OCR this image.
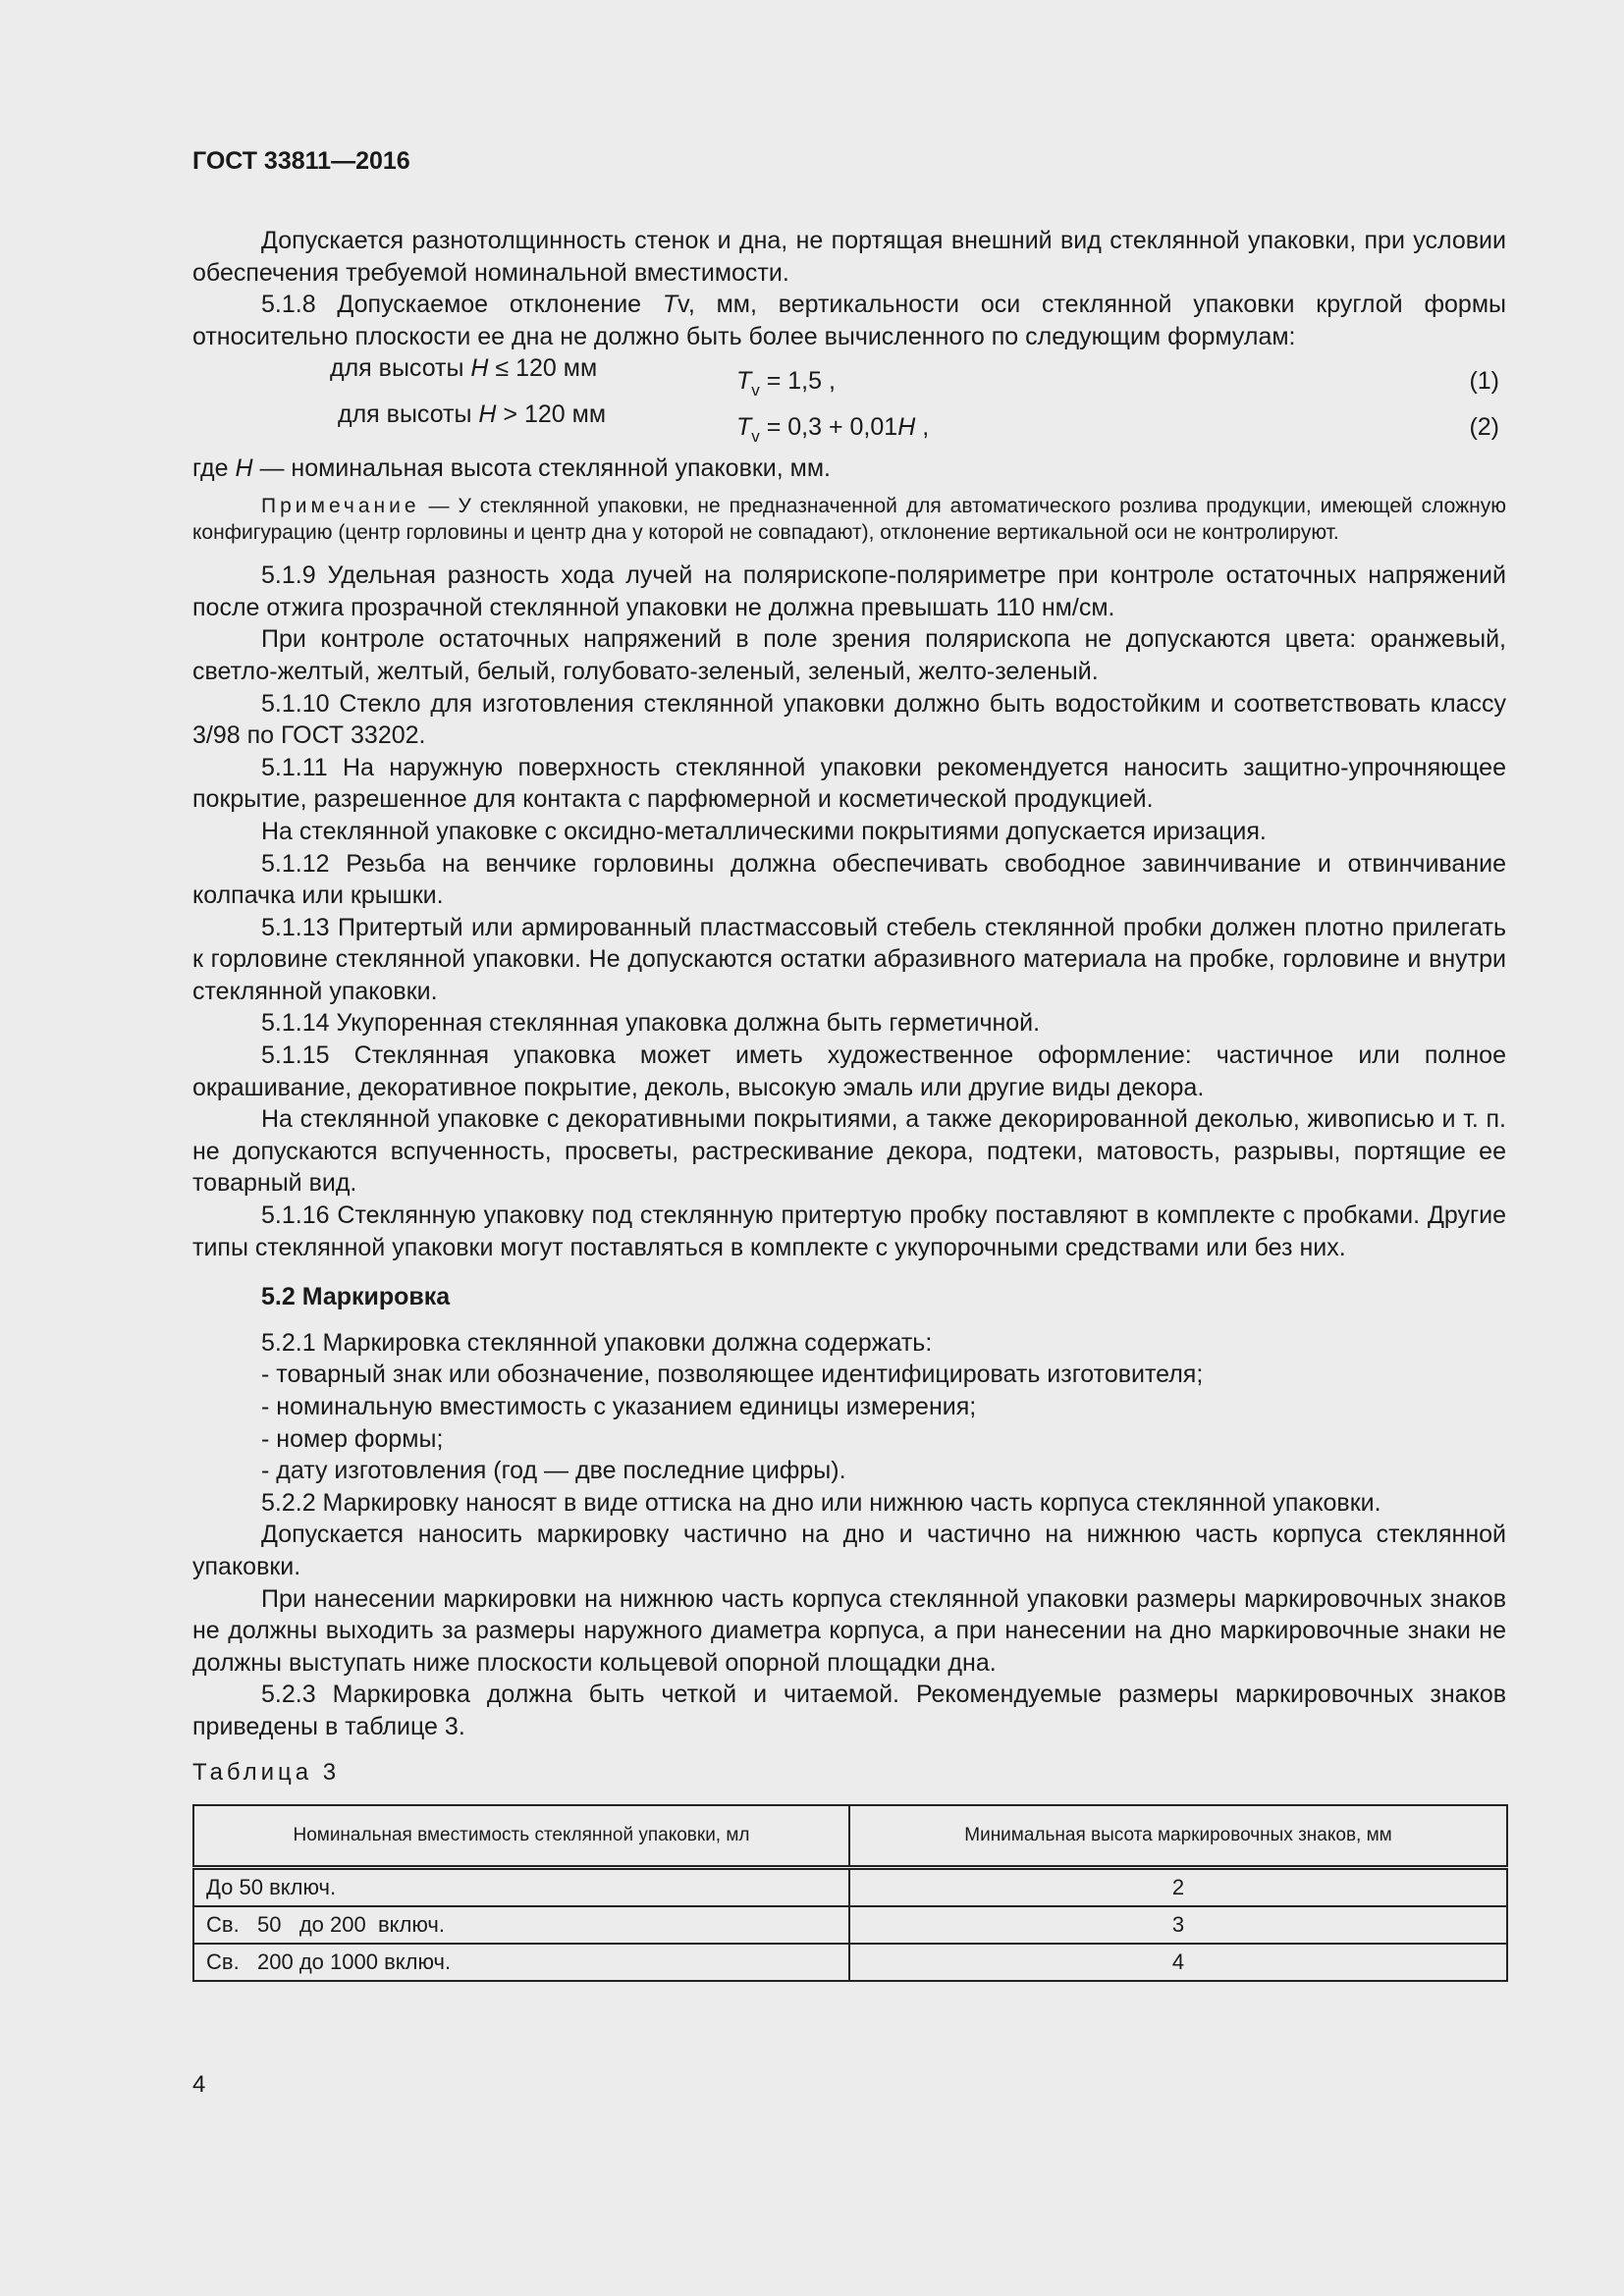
ГОСТ 33811—2016

Допускается разнотолщинность стенок и дна, не портящая внешний вид стеклянной упаковки, при условии обеспечения требуемой номинальной вместимости.

5.1.8 Допускаемое отклонение Tv, мм, вертикальности оси стеклянной упаковки круглой формы относительно плоскости ее дна не должно быть более вычисленного по следующим формулам:

для высоты H ≤ 120 мм	$T_v = 1,5$ ,	(1)
для высоты H > 120 мм	$T_v = 0,3 + 0,01H$ ,	(2)

где H — номинальная высота стеклянной упаковки, мм.

Примечание — У стеклянной упаковки, не предназначенной для автоматического розлива продукции, имеющей сложную конфигурацию (центр горловины и центр дна у которой не совпадают), отклонение вертикальной оси не контролируют.

5.1.9 Удельная разность хода лучей на полярископе-поляриметре при контроле остаточных напряжений после отжига прозрачной стеклянной упаковки не должна превышать 110 нм/см.

При контроле остаточных напряжений в поле зрения полярископа не допускаются цвета: оранжевый, светло-желтый, желтый, белый, голубовато-зеленый, зеленый, желто-зеленый.

5.1.10 Стекло для изготовления стеклянной упаковки должно быть водостойким и соответствовать классу 3/98 по ГОСТ 33202.

5.1.11 На наружную поверхность стеклянной упаковки рекомендуется наносить защитно-упрочняющее покрытие, разрешенное для контакта с парфюмерной и косметической продукцией.

На стеклянной упаковке с оксидно-металлическими покрытиями допускается иризация.

5.1.12 Резьба на венчике горловины должна обеспечивать свободное завинчивание и отвинчивание колпачка или крышки.

5.1.13 Притертый или армированный пластмассовый стебель стеклянной пробки должен плотно прилегать к горловине стеклянной упаковки. Не допускаются остатки абразивного материала на пробке, горловине и внутри стеклянной упаковки.

5.1.14 Укупоренная стеклянная упаковка должна быть герметичной.

5.1.15 Стеклянная упаковка может иметь художественное оформление: частичное или полное окрашивание, декоративное покрытие, деколь, высокую эмаль или другие виды декора.

На стеклянной упаковке с декоративными покрытиями, а также декорированной деколью, живописью и т. п. не допускаются вспученность, просветы, растрескивание декора, подтеки, матовость, разрывы, портящие ее товарный вид.

5.1.16 Стеклянную упаковку под стеклянную притертую пробку поставляют в комплекте с пробками. Другие типы стеклянной упаковки могут поставляться в комплекте с укупорочными средствами или без них.

5.2 Маркировка

5.2.1 Маркировка стеклянной упаковки должна содержать:

- товарный знак или обозначение, позволяющее идентифицировать изготовителя;

- номинальную вместимость с указанием единицы измерения;

- номер формы;

- дату изготовления (год — две последние цифры).

5.2.2 Маркировку наносят в виде оттиска на дно или нижнюю часть корпуса стеклянной упаковки.

Допускается наносить маркировку частично на дно и частично на нижнюю часть корпуса стеклянной упаковки.

При нанесении маркировки на нижнюю часть корпуса стеклянной упаковки размеры маркировочных знаков не должны выходить за размеры наружного диаметра корпуса, а при нанесении на дно маркировочные знаки не должны выступать ниже плоскости кольцевой опорной площадки дна.

5.2.3 Маркировка должна быть четкой и читаемой. Рекомендуемые размеры маркировочных знаков приведены в таблице 3.

Таблица 3

Номинальная вместимость стеклянной упаковки, мл	Минимальная высота маркировочных знаков, мм
До 50 включ.	2
Св.   50   до 200  включ.	3
Св.   200 до 1000 включ.	4
4
